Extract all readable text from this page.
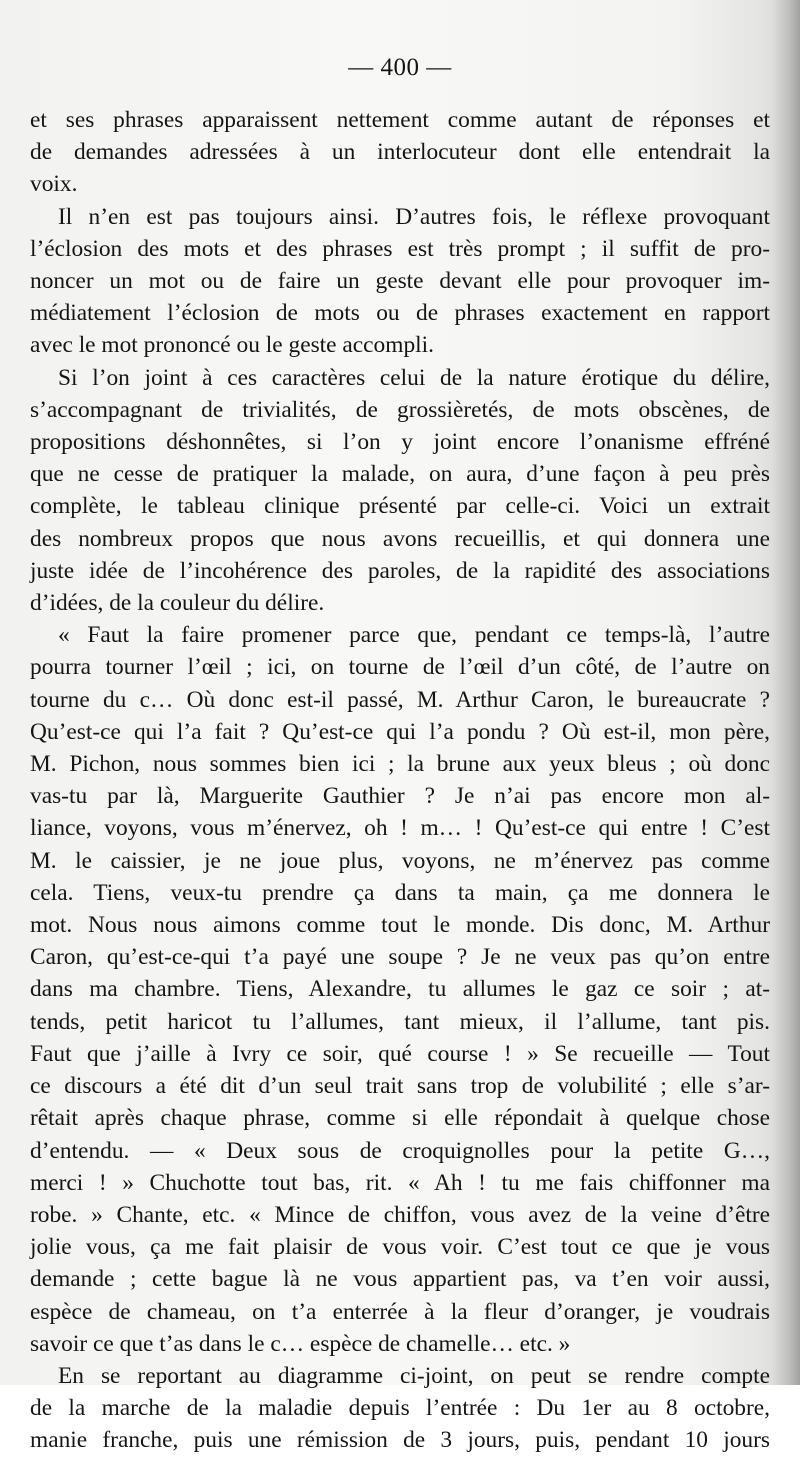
— 400 —

et ses phrases apparaissent nettement comme autant de réponses et
de demandes adressées à un interlocuteur dont elle entendrait la
voix.

Il n’en est pas toujours ainsi. D’autres fois, le réflexe provoquant
l’éclosion des mots et des phrases est très prompt ; il suffit de pro-
noncer un mot ou de faire un geste devant elle pour provoquer im-
médiatement l’éclosion de mots ou de phrases exactement en rapport
avec le mot prononcé ou le geste accompli.

Si l’on joint à ces caractères celui de la nature érotique du délire,
s’accompagnant de trivialités, de grossièretés, de mots obscènes, de
propositions déshonnêtes, si l’on y joint encore l’onanisme effréné
que ne cesse de pratiquer la malade, on aura, d’une façon à peu près
complète, le tableau clinique présenté par celle-ci. Voici un extrait
des nombreux propos que nous avons recueillis, et qui donnera une
juste idée de l’incohérence des paroles, de la rapidité des associations
d’idées, de la couleur du délire.

« Faut la faire promener parce que, pendant ce temps-là, l’autre
pourra tourner l’œil ; ici, on tourne de l’œil d’un côté, de l’autre on
tourne du c… Où donc est-il passé, M. Arthur Caron, le bureaucrate ?
Qu’est-ce qui l’a fait ? Qu’est-ce qui l’a pondu ? Où est-il, mon père,
M. Pichon, nous sommes bien ici ; la brune aux yeux bleus ; où donc
vas-tu par là, Marguerite Gauthier ? Je n’ai pas encore mon al-
liance, voyons, vous m’énervez, oh ! m… ! Qu’est-ce qui entre ! C’est
M. le caissier, je ne joue plus, voyons, ne m’énervez pas comme
cela. Tiens, veux-tu prendre ça dans ta main, ça me donnera le
mot. Nous nous aimons comme tout le monde. Dis donc, M. Arthur
Caron, qu’est-ce-qui t’a payé une soupe ? Je ne veux pas qu’on entre
dans ma chambre. Tiens, Alexandre, tu allumes le gaz ce soir ; at-
tends, petit haricot tu l’allumes, tant mieux, il l’allume, tant pis.
Faut que j’aille à Ivry ce soir, qué course ! » Se recueille — Tout
ce discours a été dit d’un seul trait sans trop de volubilité ; elle s’ar-
rêtait après chaque phrase, comme si elle répondait à quelque chose
d’entendu. — « Deux sous de croquignolles pour la petite G…,
merci ! » Chuchotte tout bas, rit. « Ah ! tu me fais chiffonner ma
robe. » Chante, etc. « Mince de chiffon, vous avez de la veine d’être
jolie vous, ça me fait plaisir de vous voir. C’est tout ce que je vous
demande ; cette bague là ne vous appartient pas, va t’en voir aussi,
espèce de chameau, on t’a enterrée à la fleur d’oranger, je voudrais
savoir ce que t’as dans le c… espèce de chamelle… etc. »

En se reportant au diagramme ci-joint, on peut se rendre compte
de la marche de la maladie depuis l’entrée : Du 1er au 8 octobre,
manie franche, puis une rémission de 3 jours, puis, pendant 10 jours
